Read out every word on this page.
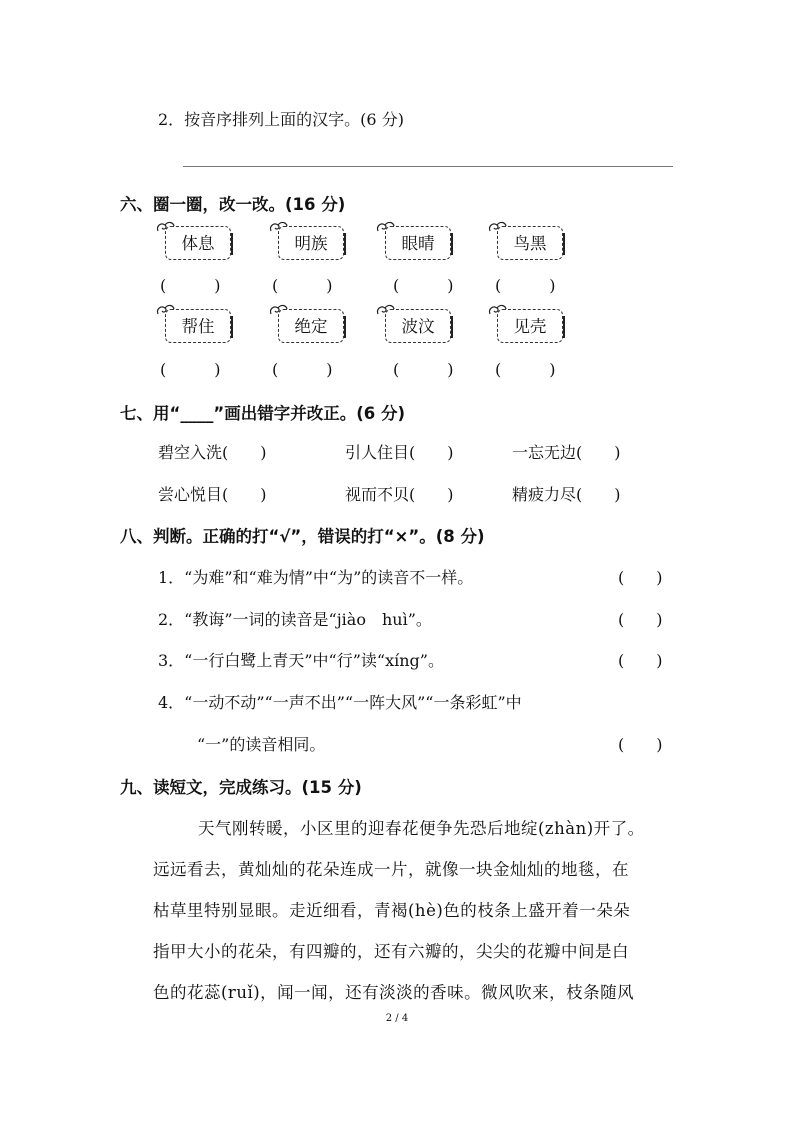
2．按音序排列上面的汉字。(6 分)
六、圈一圈，改一改。(16 分)
体息	明族	眼晴	鸟黑
(　　　)	(　　　)	(　　　)	(　　　)
帮住	绝定	波汶	见壳
(　　　)	(　　　)	(　　　)	(　　　)
七、用“____”画出错字并改正。(6 分)
碧空入洗(　　)	引人住目(　　)	一忘无边(　　)
尝心悦目(　　)	视而不贝(　　)	精疲力尽(　　)
八、判断。正确的打“√”，错误的打“×”。(8 分)
1．“为难”和“难为情”中“为”的读音不一样。	(　　)
2．“教诲”一词的读音是“jiào　huì”。	(　　)
3．“一行白鹭上青天”中“行”读“xíng”。	(　　)
4．“一动不动”“一声不出”“一阵大风”“一条彩虹”中
“一”的读音相同。	(　　)
九、读短文，完成练习。(15 分)
天气刚转暖，小区里的迎春花便争先恐后地绽(zhàn)开了。
远远看去，黄灿灿的花朵连成一片，就像一块金灿灿的地毯，在
枯草里特别显眼。走近细看，青褐(hè)色的枝条上盛开着一朵朵
指甲大小的花朵，有四瓣的，还有六瓣的，尖尖的花瓣中间是白
色的花蕊(ruǐ)，闻一闻，还有淡淡的香味。微风吹来，枝条随风
2 / 4
